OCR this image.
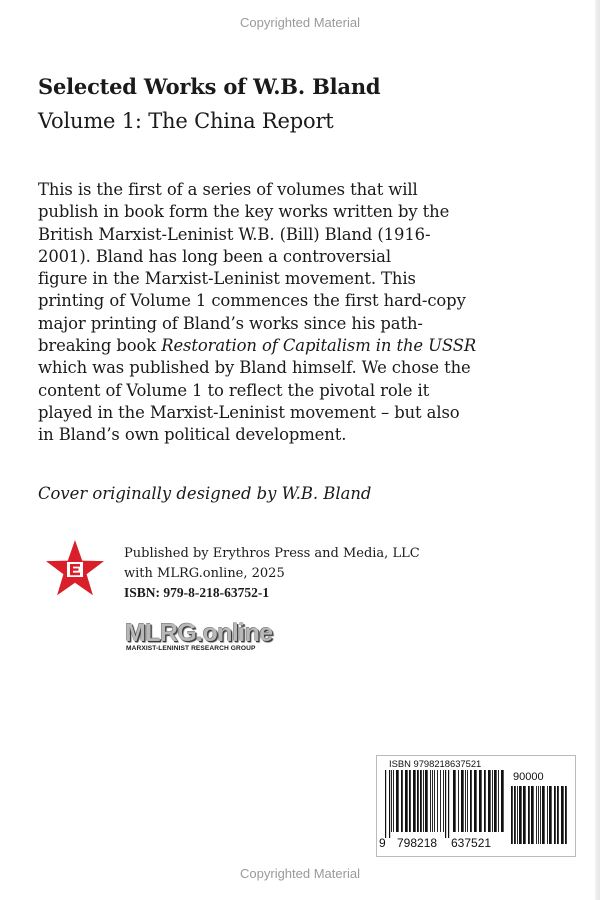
Copyrighted Material
Selected Works of W.B. Bland
Volume 1: The China Report
This is the first of a series of volumes that will
publish in book form the key works written by the
British Marxist-Leninist W.B. (Bill) Bland (1916-
2001). Bland has long been a controversial
figure in the Marxist-Leninist movement. This
printing of Volume 1 commences the first hard-copy
major printing of Bland’s works since his path-
breaking book Restoration of Capitalism in the USSR
which was published by Bland himself. We chose the
content of Volume 1 to reflect the pivotal role it
played in the Marxist-Leninist movement – but also
in Bland’s own political development.
Cover originally designed by W.B. Bland
Published by Erythros Press and Media, LLC
with MLRG.online, 2025
ISBN: 979-8-218-63752-1
MLRG.online
MARXIST-LENINIST RESEARCH GROUP
ISBN 9798218637521
9 798218 637521
90000
Copyrighted Material
